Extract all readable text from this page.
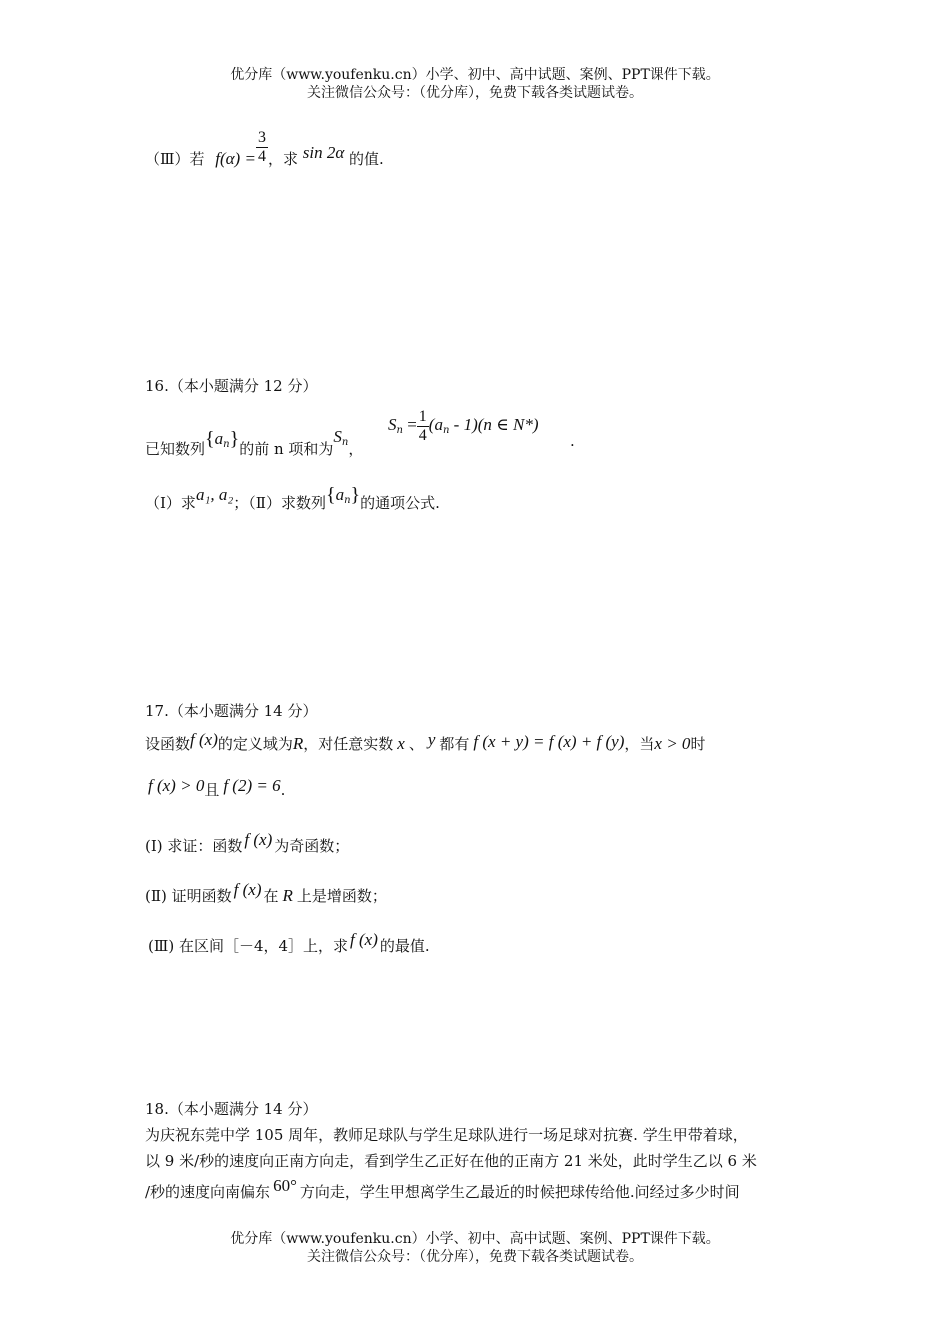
优分库（www.youfenku.cn）小学、初中、高中试题、案例、PPT课件下载。
关注微信公众号：（优分库），免费下载各类试题试卷。
（Ⅲ）若 $f(\alpha) = \frac{3}{4}$ ，求 sin 2α 的值.
16.（本小题满分 12 分）
已知数列$\{a_n\}$的前 n 项和为$S_n$，
$S_n = \frac{1}{4} (a_n - 1)(n$ ∈ N*)
.
（Ⅰ）求a₁, a₂；（Ⅱ）求数列$\{a_n\}$的通项公式.
17.（本小题满分 14 分）
设函数f (x)的定义域为R，对任意实数 x 、 y 都有 f (x + y) = f (x) + f (y)，当x > 0时
f (x) > 0且 f (2) = 6.
(Ⅰ) 求证：函数 f (x) 为奇函数；
(Ⅱ) 证明函数 f (x) 在 R 上是增函数；
(Ⅲ) 在区间［－4，4］上，求 f (x) 的最值.
18.（本小题满分 14 分）
为庆祝东莞中学 105 周年，教师足球队与学生足球队进行一场足球对抗赛. 学生甲带着球，
以 9 米/秒的速度向正南方向走，看到学生乙正好在他的正南方 21 米处，此时学生乙以 6 米
/秒的速度向南偏东 60° 方向走，学生甲想离学生乙最近的时候把球传给他.问经过多少时间
优分库（www.youfenku.cn）小学、初中、高中试题、案例、PPT课件下载。
关注微信公众号：（优分库），免费下载各类试题试卷。
